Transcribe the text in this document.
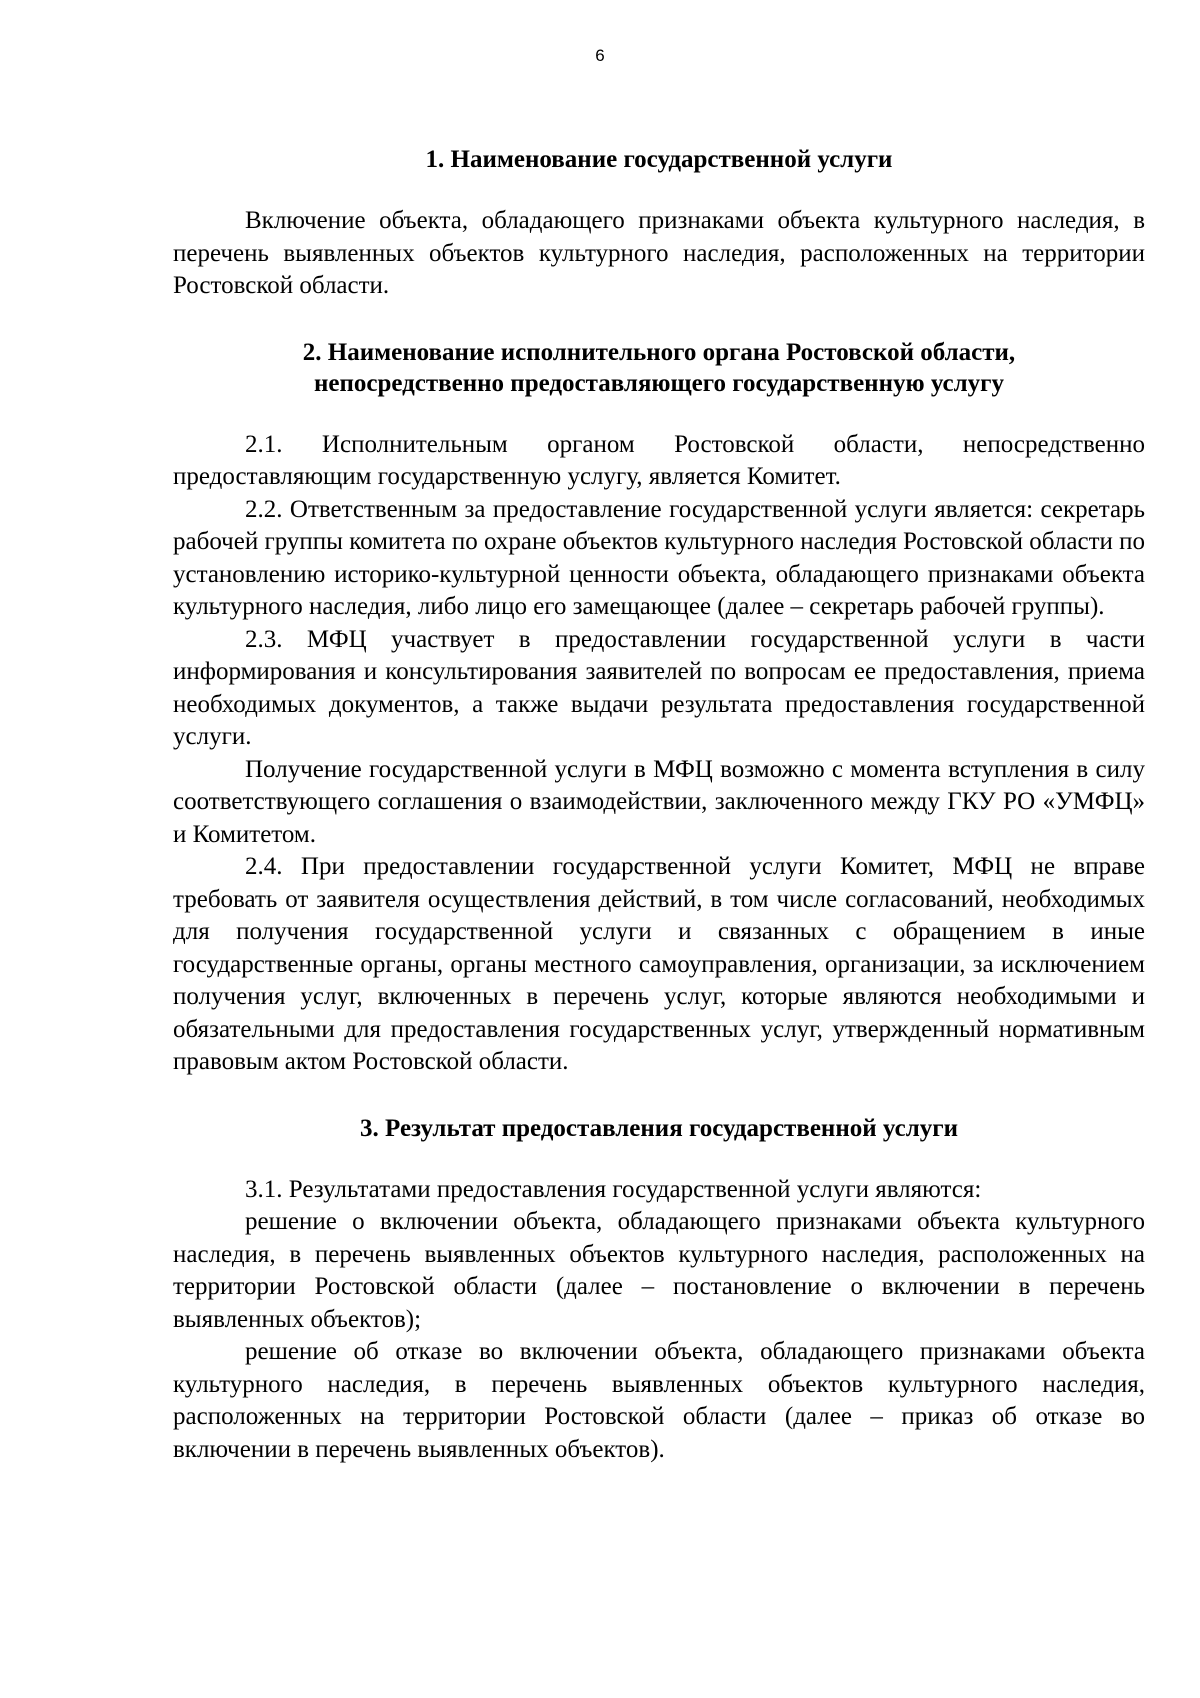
6
1. Наименование государственной услуги

Включение объекта, обладающего признаками объекта культурного наследия, в перечень выявленных объектов культурного наследия, расположенных на территории Ростовской области.

2. Наименование исполнительного органа Ростовской области,
непосредственно предоставляющего государственную услугу

2.1. Исполнительным органом Ростовской области, непосредственно предоставляющим государственную услугу, является Комитет.

2.2. Ответственным за предоставление государственной услуги является: секретарь рабочей группы комитета по охране объектов культурного наследия Ростовской области по установлению историко-культурной ценности объекта, обладающего признаками объекта культурного наследия, либо лицо его замещающее (далее – секретарь рабочей группы).

2.3. МФЦ участвует в предоставлении государственной услуги в части информирования и консультирования заявителей по вопросам ее предоставления, приема необходимых документов, а также выдачи результата предоставления государственной услуги.

Получение государственной услуги в МФЦ возможно с момента вступления в силу соответствующего соглашения о взаимодействии, заключенного между ГКУ РО «УМФЦ» и Комитетом.

2.4. При предоставлении государственной услуги Комитет, МФЦ не вправе требовать от заявителя осуществления действий, в том числе согласований, необходимых для получения государственной услуги и связанных с обращением в иные государственные органы, органы местного самоуправления, организации, за исключением получения услуг, включенных в перечень услуг, которые являются необходимыми и обязательными для предоставления государственных услуг, утвержденный нормативным правовым актом Ростовской области.

3. Результат предоставления государственной услуги

3.1. Результатами предоставления государственной услуги являются:

решение о включении объекта, обладающего признаками объекта культурного наследия, в перечень выявленных объектов культурного наследия, расположенных на территории Ростовской области (далее – постановление о включении в перечень выявленных объектов);

решение об отказе во включении объекта, обладающего признаками объекта культурного наследия, в перечень выявленных объектов культурного наследия, расположенных на территории Ростовской области (далее – приказ об отказе во включении в перечень выявленных объектов).
